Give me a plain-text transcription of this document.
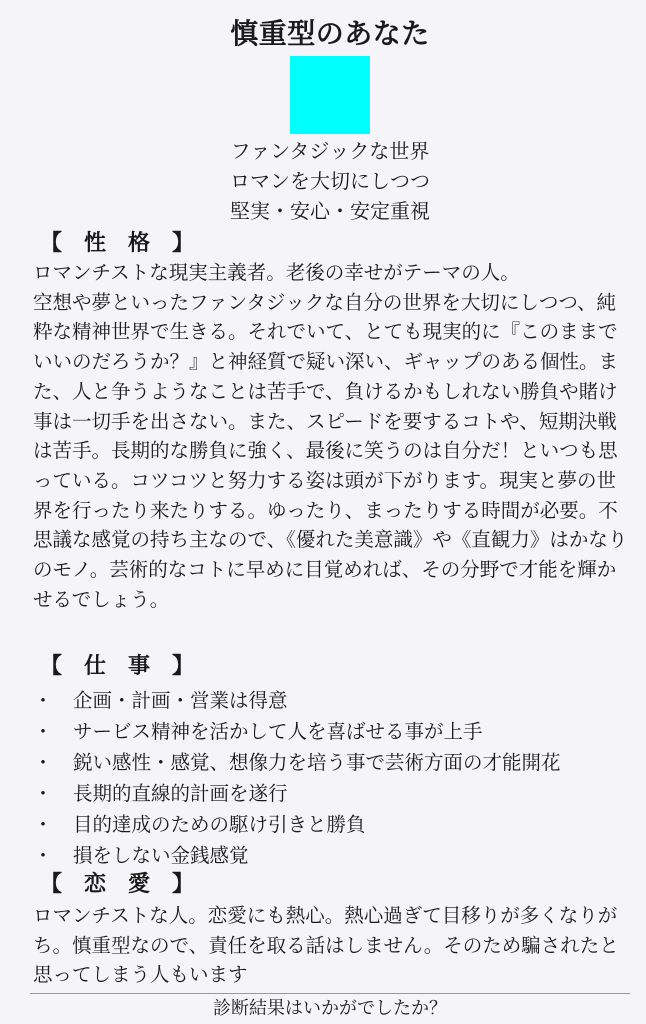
慎重型のあなた
ファンタジックな世界
ロマンを大切にしつつ
堅実・安心・安定重視
【　性　格　】
ロマンチストな現実主義者。老後の幸せがテーマの人。
空想や夢といったファンタジックな自分の世界を大切にしつつ、純粋な精神世界で生きる。それでいて、とても現実的に『このままでいいのだろうか？』と神経質で疑い深い、ギャップのある個性。また、人と争うようなことは苦手で、負けるかもしれない勝負や賭け事は一切手を出さない。また、スピードを要するコトや、短期決戦は苦手。長期的な勝負に強く、最後に笑うのは自分だ！といつも思っている。コツコツと努力する姿は頭が下がります。現実と夢の世界を行ったり来たりする。ゆったり、まったりする時間が必要。不思議な感覚の持ち主なので、《優れた美意識》や《直観力》はかなりのモノ。芸術的なコトに早めに目覚めれば、その分野で才能を輝かせるでしょう。
【　仕　事　】
・ 企画・計画・営業は得意
・ サービス精神を活かして人を喜ばせる事が上手
・ 鋭い感性・感覚、想像力を培う事で芸術方面の才能開花
・ 長期的直線的計画を遂行
・ 目的達成のための駆け引きと勝負
・ 損をしない金銭感覚
【　恋　愛　】
ロマンチストな人。恋愛にも熱心。熱心過ぎて目移りが多くなりがち。慎重型なので、責任を取る話はしません。そのため騙されたと思ってしまう人もいます
診断結果はいかがでしたか？
